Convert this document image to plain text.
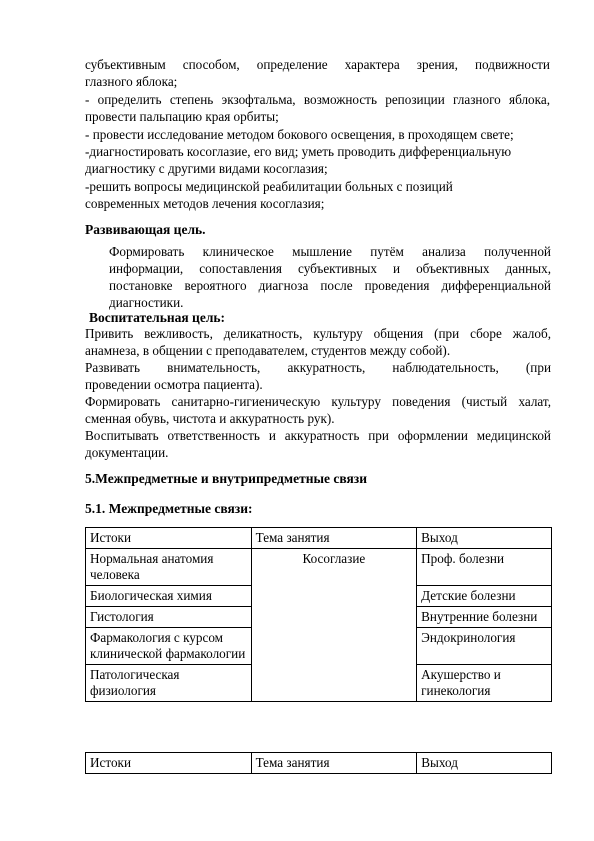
субъективным способом, определение характера зрения, подвижности
глазного яблока;
- определить степень экзофтальма, возможность репозиции глазного яблока,
провести пальпацию края орбиты;
- провести исследование методом бокового освещения, в проходящем свете;
-диагностировать косоглазие, его вид; уметь проводить дифференциальную
диагностику с другими видами косоглазия;
-решить вопросы медицинской реабилитации больных с позиций
современных методов лечения косоглазия;
Развивающая цель.
Формировать клиническое мышление путём анализа полученной
информации, сопоставления субъективных и объективных данных,
постановке вероятного диагноза после проведения дифференциальной
диагностики.
Воспитательная цель:
Привить вежливость, деликатность, культуру общения (при сборе жалоб,
анамнеза, в общении с преподавателем, студентов между собой).
Развивать внимательность, аккуратность, наблюдательность, (при
проведении осмотра пациента).
Формировать санитарно-гигиеническую культуру поведения (чистый халат,
сменная обувь, чистота и аккуратность рук).
Воспитывать ответственность и аккуратность при оформлении медицинской
документации.
5.Межпредметные и внутрипредметные связи
5.1. Межпредметные связи:
Истоки	Тема занятия	Выход
Нормальная анатомия человека	Косоглазие	Проф. болезни
Биологическая химия		Детские болезни
Гистология		Внутренние болезни
Фармакология с курсом клинической фармакологии		Эндокринология
Патологическая физиология		Акушерство и гинекология
Истоки	Тема занятия	Выход
